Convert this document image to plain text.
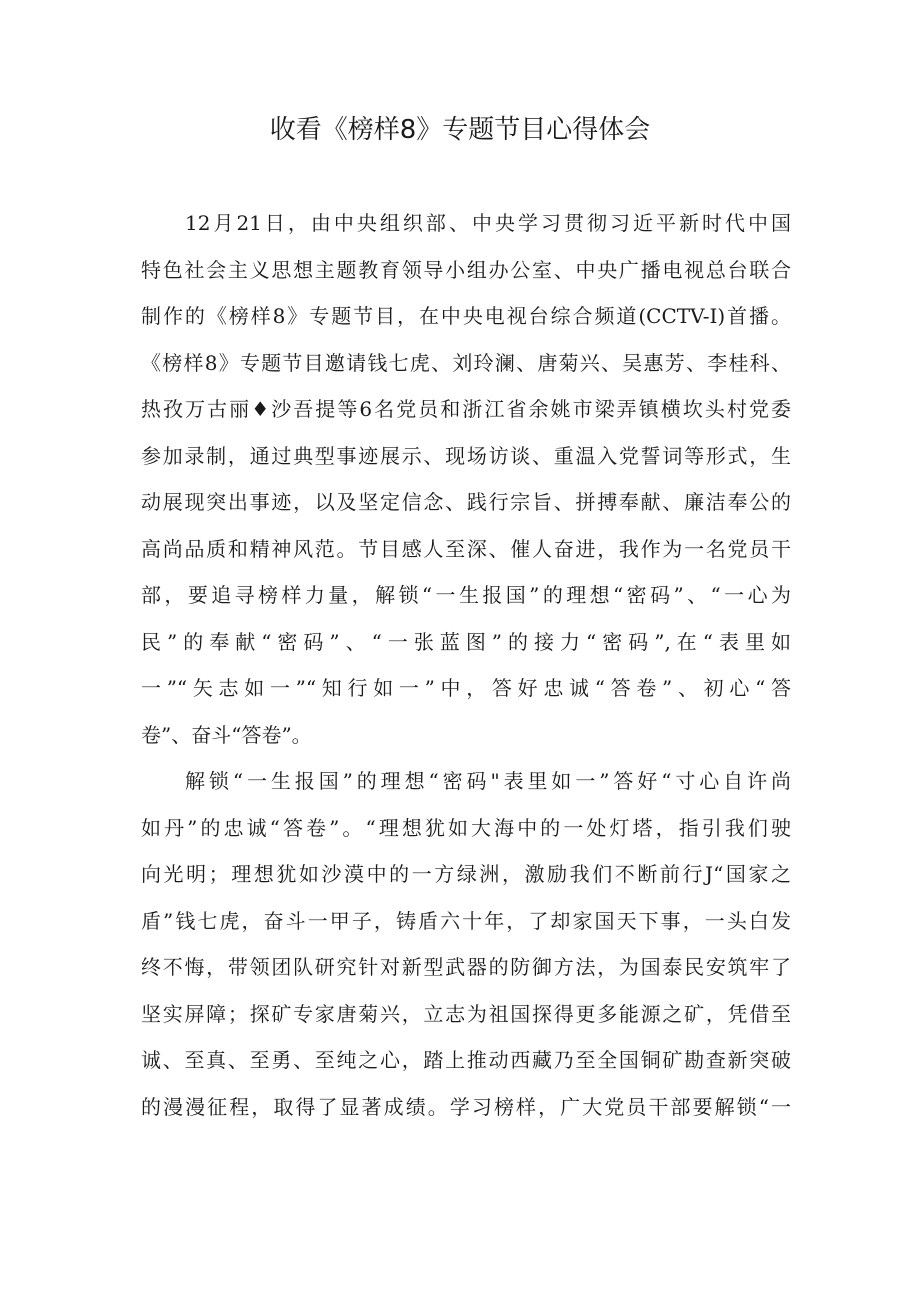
收看《榜样8》专题节目心得体会
12月21日，由中央组织部、中央学习贯彻习近平新时代中国
特色社会主义思想主题教育领导小组办公室、中央广播电视总台联合
制作的《榜样8》专题节目，在中央电视台综合频道(CCTV-I)首播。
《榜样8》专题节目邀请钱七虎、刘玲澜、唐菊兴、吴惠芳、李桂科、
热孜万古丽♦沙吾提等6名党员和浙江省余姚市梁弄镇横坎头村党委
参加录制，通过典型事迹展示、现场访谈、重温入党誓词等形式，生
动展现突出事迹，以及坚定信念、践行宗旨、拼搏奉献、廉洁奉公的
高尚品质和精神风范。节目感人至深、催人奋进，我作为一名党员干
部，要追寻榜样力量，解锁“一生报国”的理想“密码”、“一心为
民”的奉献“密码”、“一张蓝图”的接力“密码”,在“表里如
一”“矢志如一”“知行如一”中，答好忠诚“答卷”、初心“答
卷”、奋斗“答卷”。
解锁“一生报国”的理想“密码"表里如一”答好“寸心自许尚
如丹”的忠诚“答卷”。“理想犹如大海中的一处灯塔，指引我们驶
向光明；理想犹如沙漠中的一方绿洲，激励我们不断前行J“国家之
盾”钱七虎，奋斗一甲子，铸盾六十年，了却家国天下事，一头白发
终不悔，带领团队研究针对新型武器的防御方法，为国泰民安筑牢了
坚实屏障；探矿专家唐菊兴，立志为祖国探得更多能源之矿，凭借至
诚、至真、至勇、至纯之心，踏上推动西藏乃至全国铜矿勘查新突破
的漫漫征程，取得了显著成绩。学习榜样，广大党员干部要解锁“一
